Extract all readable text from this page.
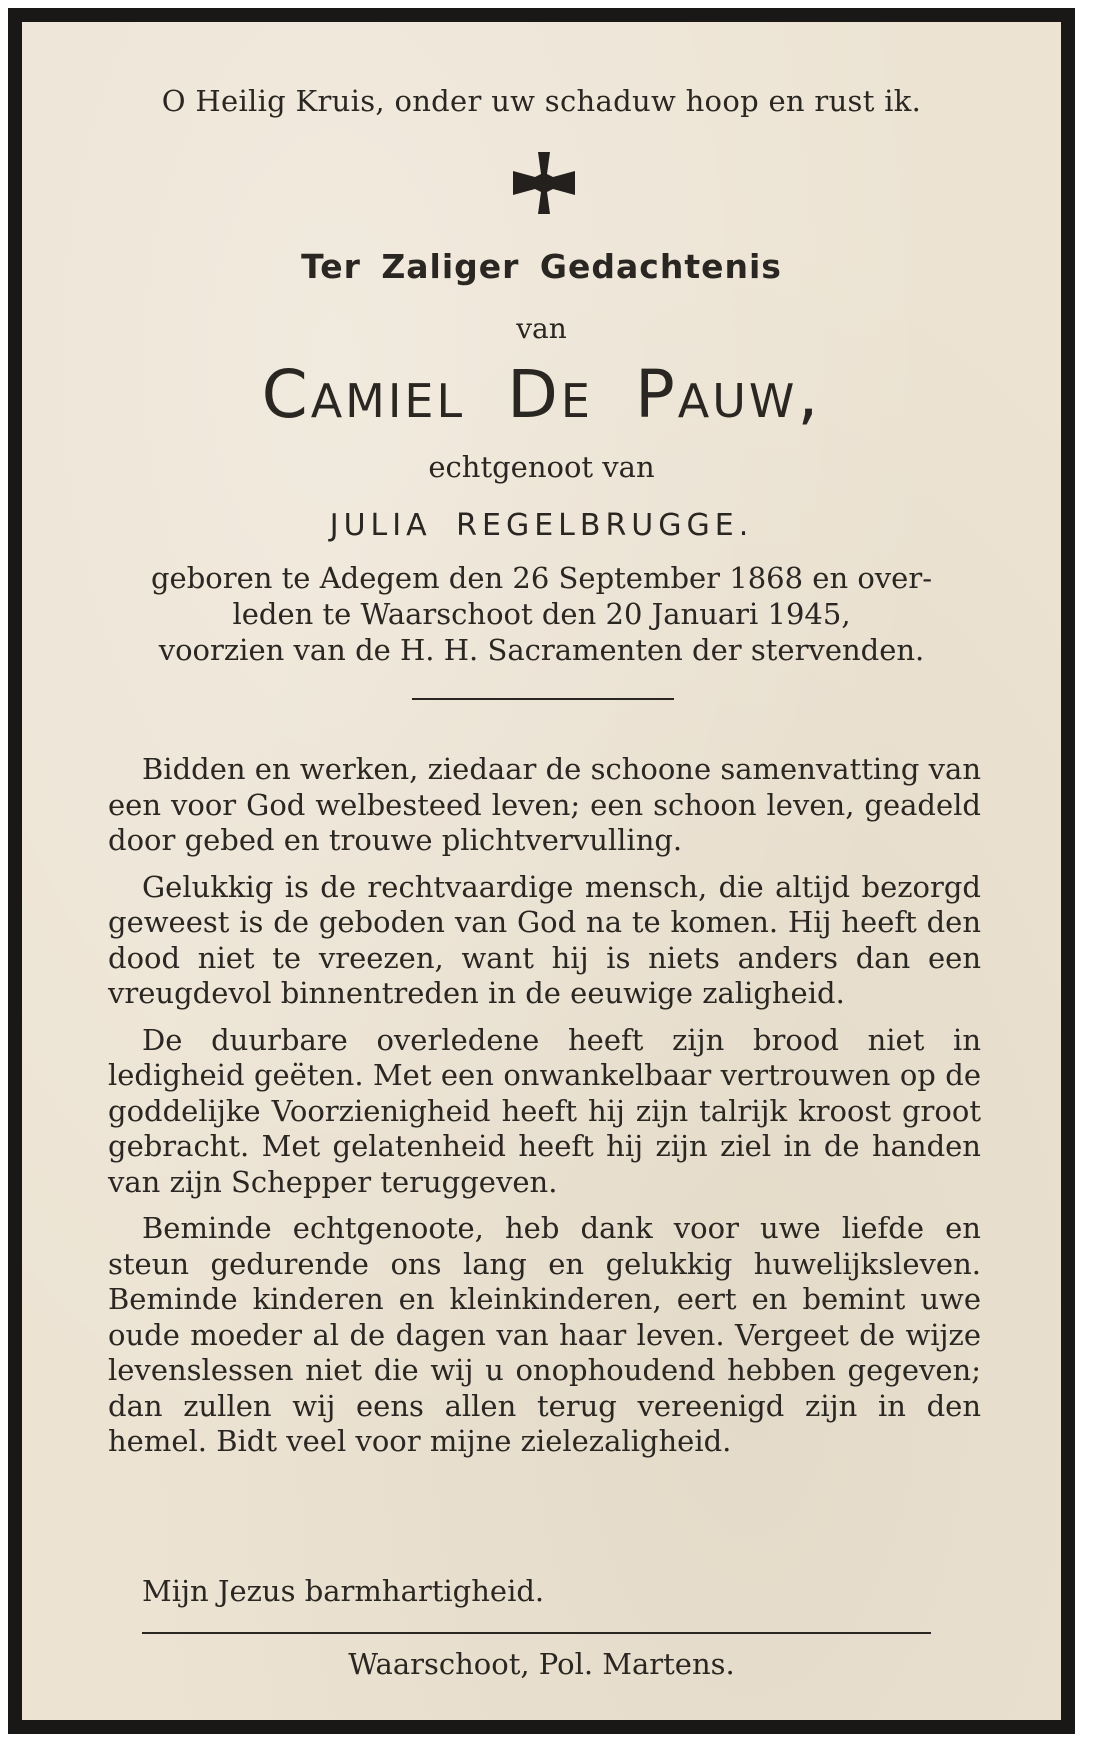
O Heilig Kruis, onder uw schaduw hoop en rust ik.
Ter Zaliger Gedachtenis
van
Camiel De Pauw,
echtgenoot van
JULIA REGELBRUGGE.
geboren te Adegem den 26 September 1868 en over-
leden te Waarschoot den 20 Januari 1945,
voorzien van de H. H. Sacramenten der stervenden.

Bidden en werken, ziedaar de schoone samenvatting van een voor God welbesteed leven; een schoon leven, geadeld door gebed en trouwe plichtvervulling.

Gelukkig is de rechtvaardige mensch, die altijd bezorgd geweest is de geboden van God na te komen. Hij heeft den dood niet te vreezen, want hij is niets anders dan een vreugdevol binnentreden in de eeuwige zaligheid.

De duurbare overledene heeft zijn brood niet in ledigheid geëten. Met een onwankelbaar vertrouwen op de goddelijke Voorzienigheid heeft hij zijn talrijk kroost groot gebracht. Met gelatenheid heeft hij zijn ziel in de handen van zijn Schepper teruggeven.

Beminde echtgenoote, heb dank voor uwe liefde en steun gedurende ons lang en gelukkig huwelijksleven. Beminde kinderen en kleinkinderen, eert en bemint uwe oude moeder al de dagen van haar leven. Vergeet de wijze levenslessen niet die wij u onophoudend hebben gegeven; dan zullen wij eens allen terug vereenigd zijn in den hemel. Bidt veel voor mijne zielezaligheid.

Mijn Jezus barmhartigheid.
Waarschoot, Pol. Martens.
